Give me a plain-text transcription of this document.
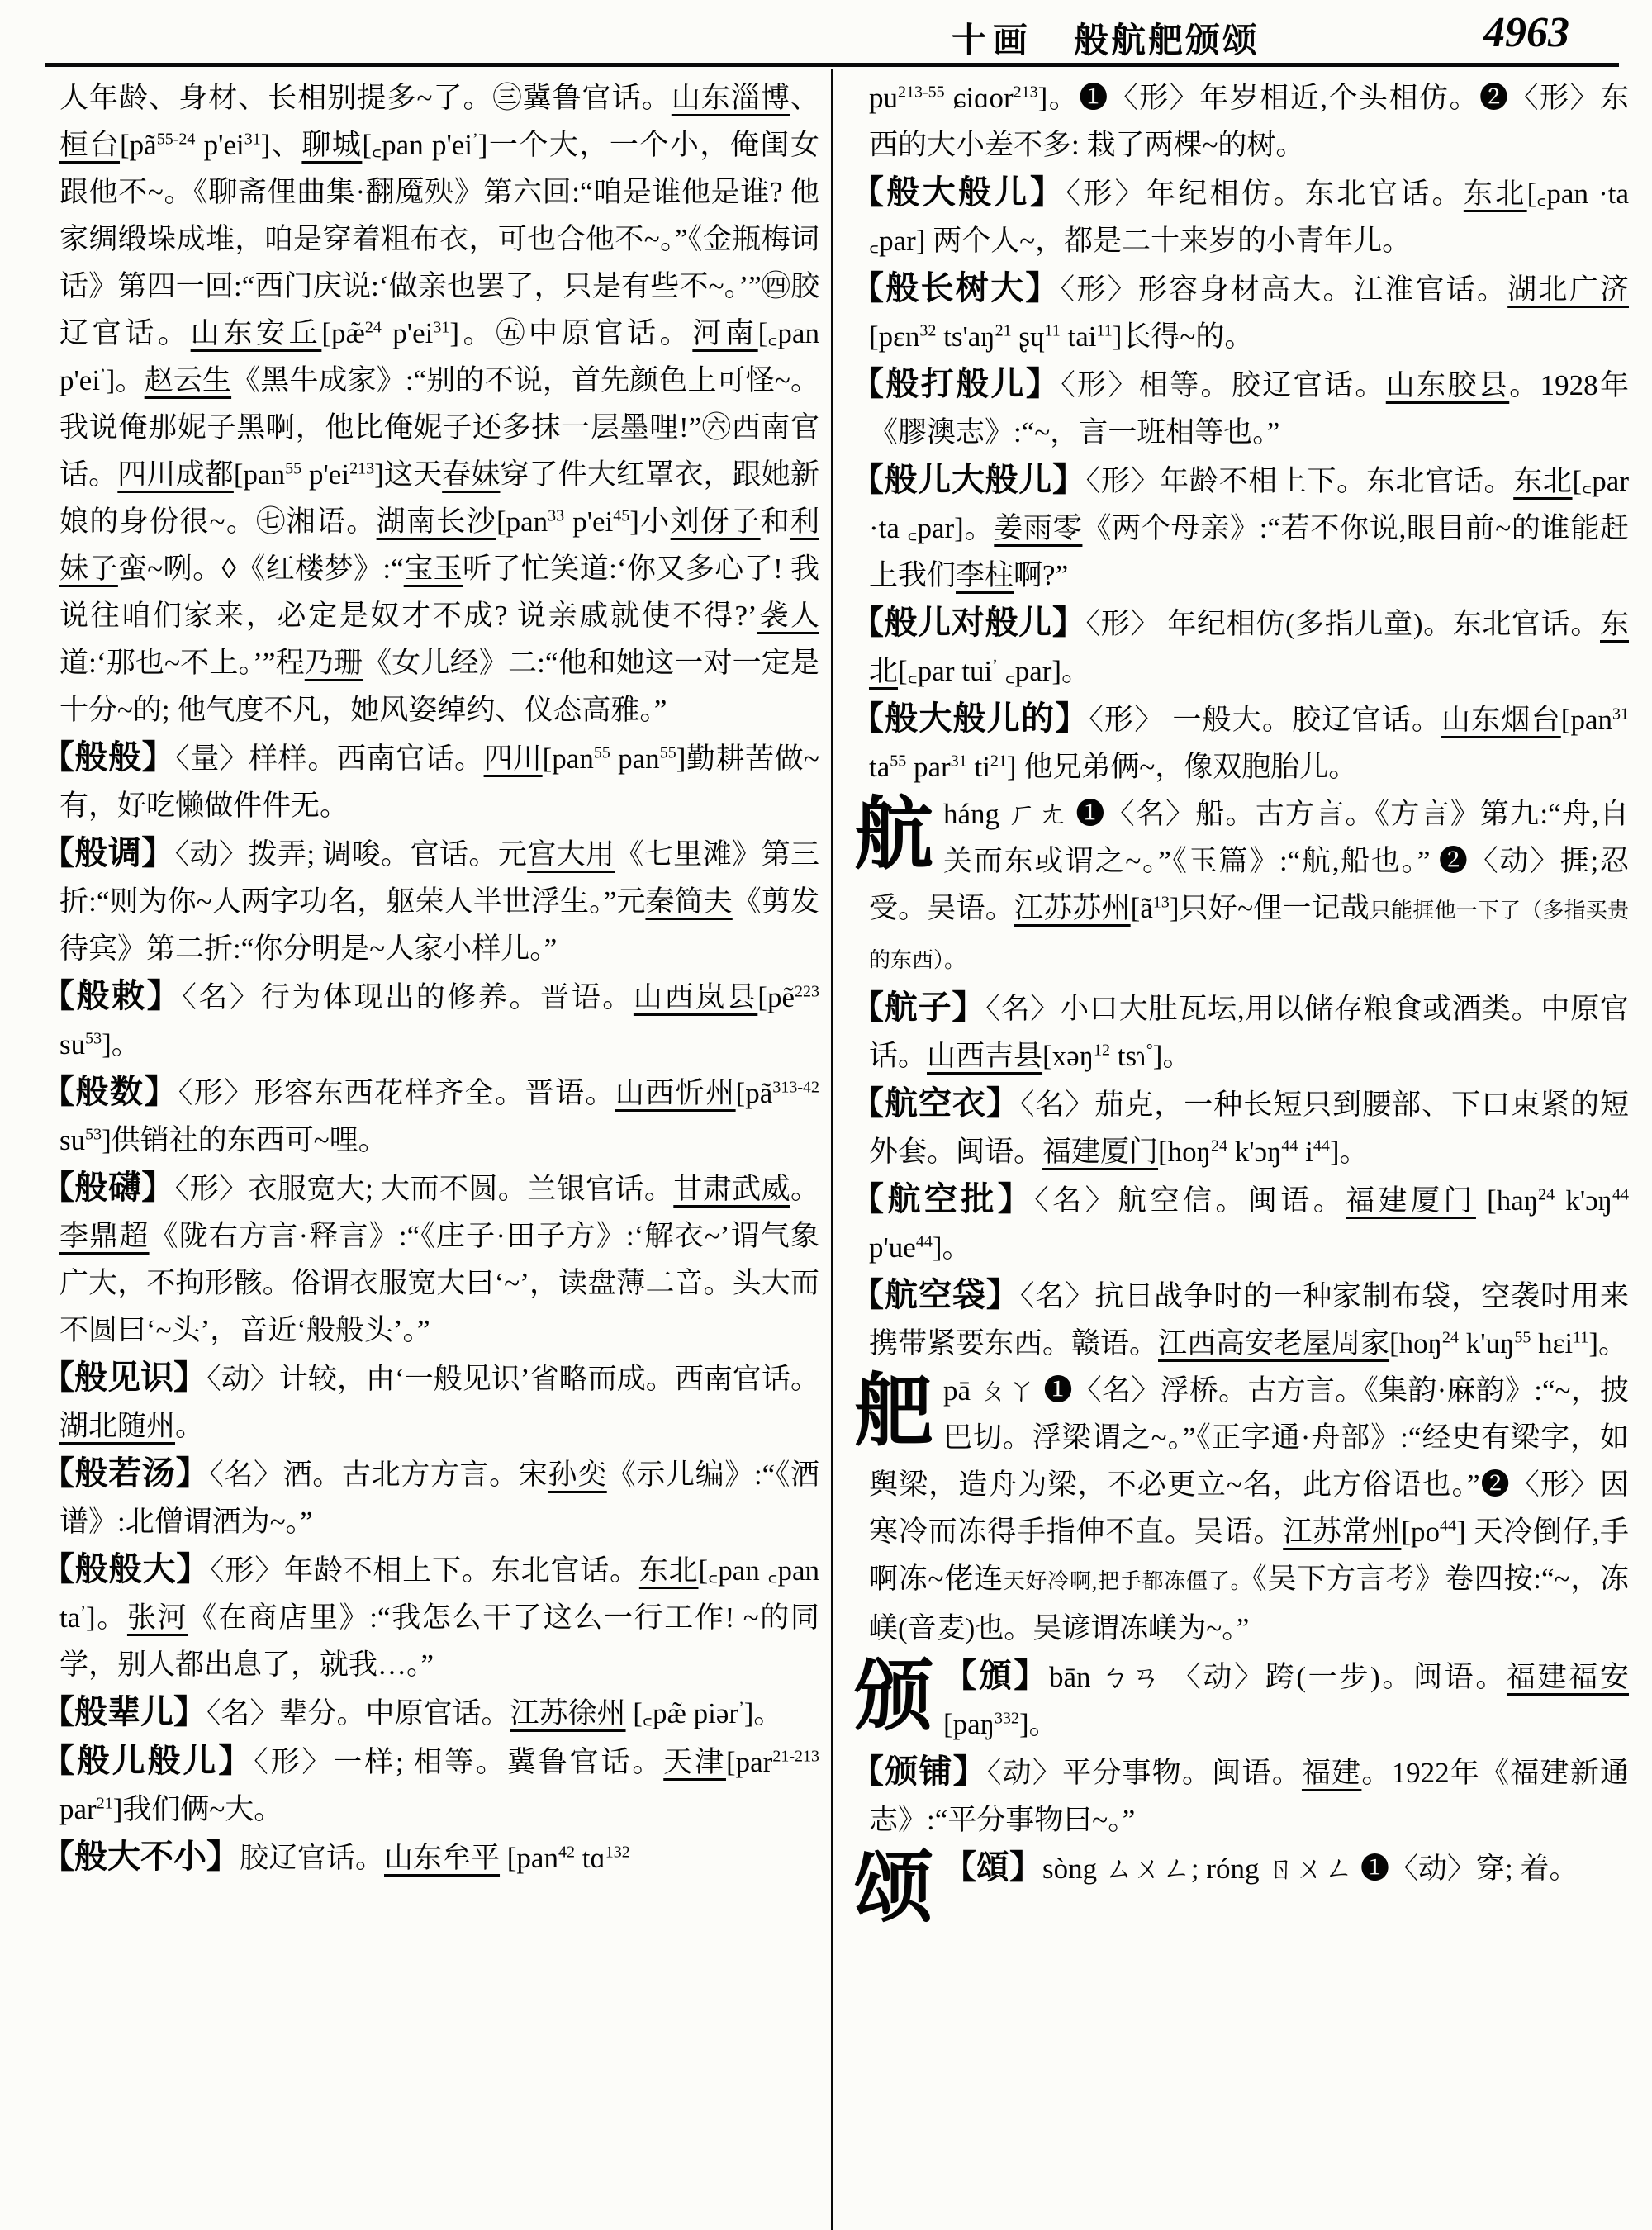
十画 般航舥颁颂	4963
人年龄、身材、长相别提多~了。㊂冀鲁官话。山东淄博、桓台[$pã^{55-24}$ $p'ei^{31}$]、聊城[꜀pan p'ei’]一个大，一个小，俺闺女跟他不~。《聊斋俚曲集·翻魇殃》第六回:“咱是谁他是谁? 他家绸缎垛成堆，咱是穿着粗布衣，可也合他不~。”《金瓶梅词话》第四一回:“西门庆说:‘做亲也罢了，只是有些不~。’”㊃胶辽官话。山东安丘[pæ̃$^{24}$ $p'ei^{31}$]。㊄中原官话。河南[꜀pan p'ei’]。赵云生《黑牛成家》:“别的不说，首先颜色上可怪~。我说俺那妮子黑啊，他比俺妮子还多抹一层墨哩!”㊅西南官话。四川成都[pan$^{55}$ $p'ei^{213}$]这天春妹穿了件大红罩衣，跟她新娘的身份很~。㊆湘语。湖南长沙[pan$^{33}$ $p'ei^{45}$]小刘伢子和利妹子蛮~咧。◊《红楼梦》:“宝玉听了忙笑道:‘你又多心了! 我说往咱们家来，必定是奴才不成? 说亲戚就使不得?’袭人道:‘那也~不上。’”程乃珊《女儿经》二:“他和她这一对一定是十分~的; 他气度不凡，她风姿绰约、仪态高雅。”
【般般】〈量〉样样。西南官话。四川[pan$^{55}$ pan$^{55}$]勤耕苦做~有，好吃懒做件件无。
【般调】〈动〉拨弄; 调唆。官话。元宫大用《七里滩》第三折:“则为你~人两字功名，躯荣人半世浮生。”元秦简夫《剪发待宾》第二折:“你分明是~人家小样儿。”
【般敕】〈名〉行为体现出的修养。晋语。山西岚县[pẽ$^{223}$ $su^{53}$]。
【般数】〈形〉形容东西花样齐全。晋语。山西忻州[$pã^{313-42}$ $su^{53}$]供销社的东西可~哩。
【般礴】〈形〉衣服宽大; 大而不圆。兰银官话。甘肃武威。李鼎超《陇右方言·释言》:“《庄子·田子方》:‘解衣~’谓气象广大，不拘形骸。俗谓衣服宽大曰‘~’，读盘薄二音。头大而不圆曰‘~头’，音近‘般般头’。”
【般见识】〈动〉计较，由‘一般见识’省略而成。西南官话。湖北随州。
【般若汤】〈名〉酒。古北方方言。宋孙奕《示儿编》:“《酒谱》:北僧谓酒为~。”
【般般大】〈形〉年龄不相上下。东北官话。东北[꜀pan ꜀pan ta’]。张河《在商店里》:“我怎么干了这么一行工作! ~的同学，别人都出息了，就我…。”
【般辈儿】〈名〉辈分。中原官话。江苏徐州 [꜀pæ̃ piər’]。
【般儿般儿】〈形〉一样; 相等。冀鲁官话。天津[par$^{21-213}$ par$^{21}$]我们俩~大。
【般大不小】胶辽官话。山东牟平 [pan$^{42}$ tɑ$^{132}$
$pu^{213-55}$ ɕiɑor$^{213}$]。❶〈形〉年岁相近,个头相仿。❷〈形〉东西的大小差不多: 栽了两棵~的树。
【般大般儿】〈形〉年纪相仿。东北官话。东北[꜀pan ·ta ꜀par] 两个人~，都是二十来岁的小青年儿。
【般长树大】〈形〉形容身材高大。江淮官话。湖北广济[pɛn$^{32}$ $ts'aŋ^{21}$ ʂɥ$^{11}$ tai$^{11}$]长得~的。
【般打般儿】〈形〉相等。胶辽官话。山东胶县。1928年《膠澳志》:“~，言一班相等也。”
【般儿大般儿】〈形〉年龄不相上下。东北官话。东北[꜀par ·ta ꜀par]。姜雨零《两个母亲》:“若不你说,眼目前~的谁能赶上我们李柱啊?”
【般儿对般儿】〈形〉 年纪相仿(多指儿童)。东北官话。东北[꜀par tui’ ꜀par]。
【般大般儿的】〈形〉 一般大。胶辽官话。山东烟台[pan$^{31}$ $ta^{55}$ par$^{31}$ $ti^{21}$] 他兄弟俩~，像双胞胎儿。
航háng ㄏㄤ ❶〈名〉船。古方言。《方言》第九:“舟,自关而东或谓之~。”《玉篇》:“航,船也。” ❷〈动〉捱;忍受。吴语。江苏苏州$[ã^{13}]$只好~俚一记哉只能捱他一下了（多指买贵的东西）。
【航子】〈名〉小口大肚瓦坛,用以储存粮食或酒类。中原官话。山西吉县[xəŋ$^{12}$ tsɿ°]。
【航空衣】〈名〉茄克，一种长短只到腰部、下口束紧的短外套。闽语。福建厦门[hoŋ$^{24}$ k'ɔŋ$^{44}$ $i^{44}$]。
【航空批】〈名〉航空信。闽语。福建厦门 [haŋ$^{24}$ k'ɔŋ$^{44}$ $p'ue^{44}$]。
【航空袋】〈名〉抗日战争时的一种家制布袋，空袭时用来携带紧要东西。赣语。江西高安老屋周家[hoŋ$^{24}$ $k'uŋ^{55}$ hɛi$^{11}$]。
舥pā ㄆㄚ ❶〈名〉浮桥。古方言。《集韵·麻韵》:“~，披巴切。浮梁谓之~。”《正字通·舟部》:“经史有梁字，如舆梁，造舟为梁，不必更立~名，此方俗语也。”❷〈形〉因寒冷而冻得手指伸不直。吴语。江苏常州$[po^{44}]$ 天冷倒仔,手啊冻~佬连天好冷啊,把手都冻僵了。《吴下方言考》卷四按:“~，冻嵄(音麦)也。吴谚谓冻嵄为~。”
颁 【頒】bān ㄅㄢ 〈动〉跨(一步)。闽语。福建福安[paŋ$^{332}$]。
【颁铺】〈动〉平分事物。闽语。福建。1922年《福建新通志》:“平分事物曰~。”
颂 【頌】sòng ㄙㄨㄥ; róng ㄖㄨㄥ ❶〈动〉穿; 着。
